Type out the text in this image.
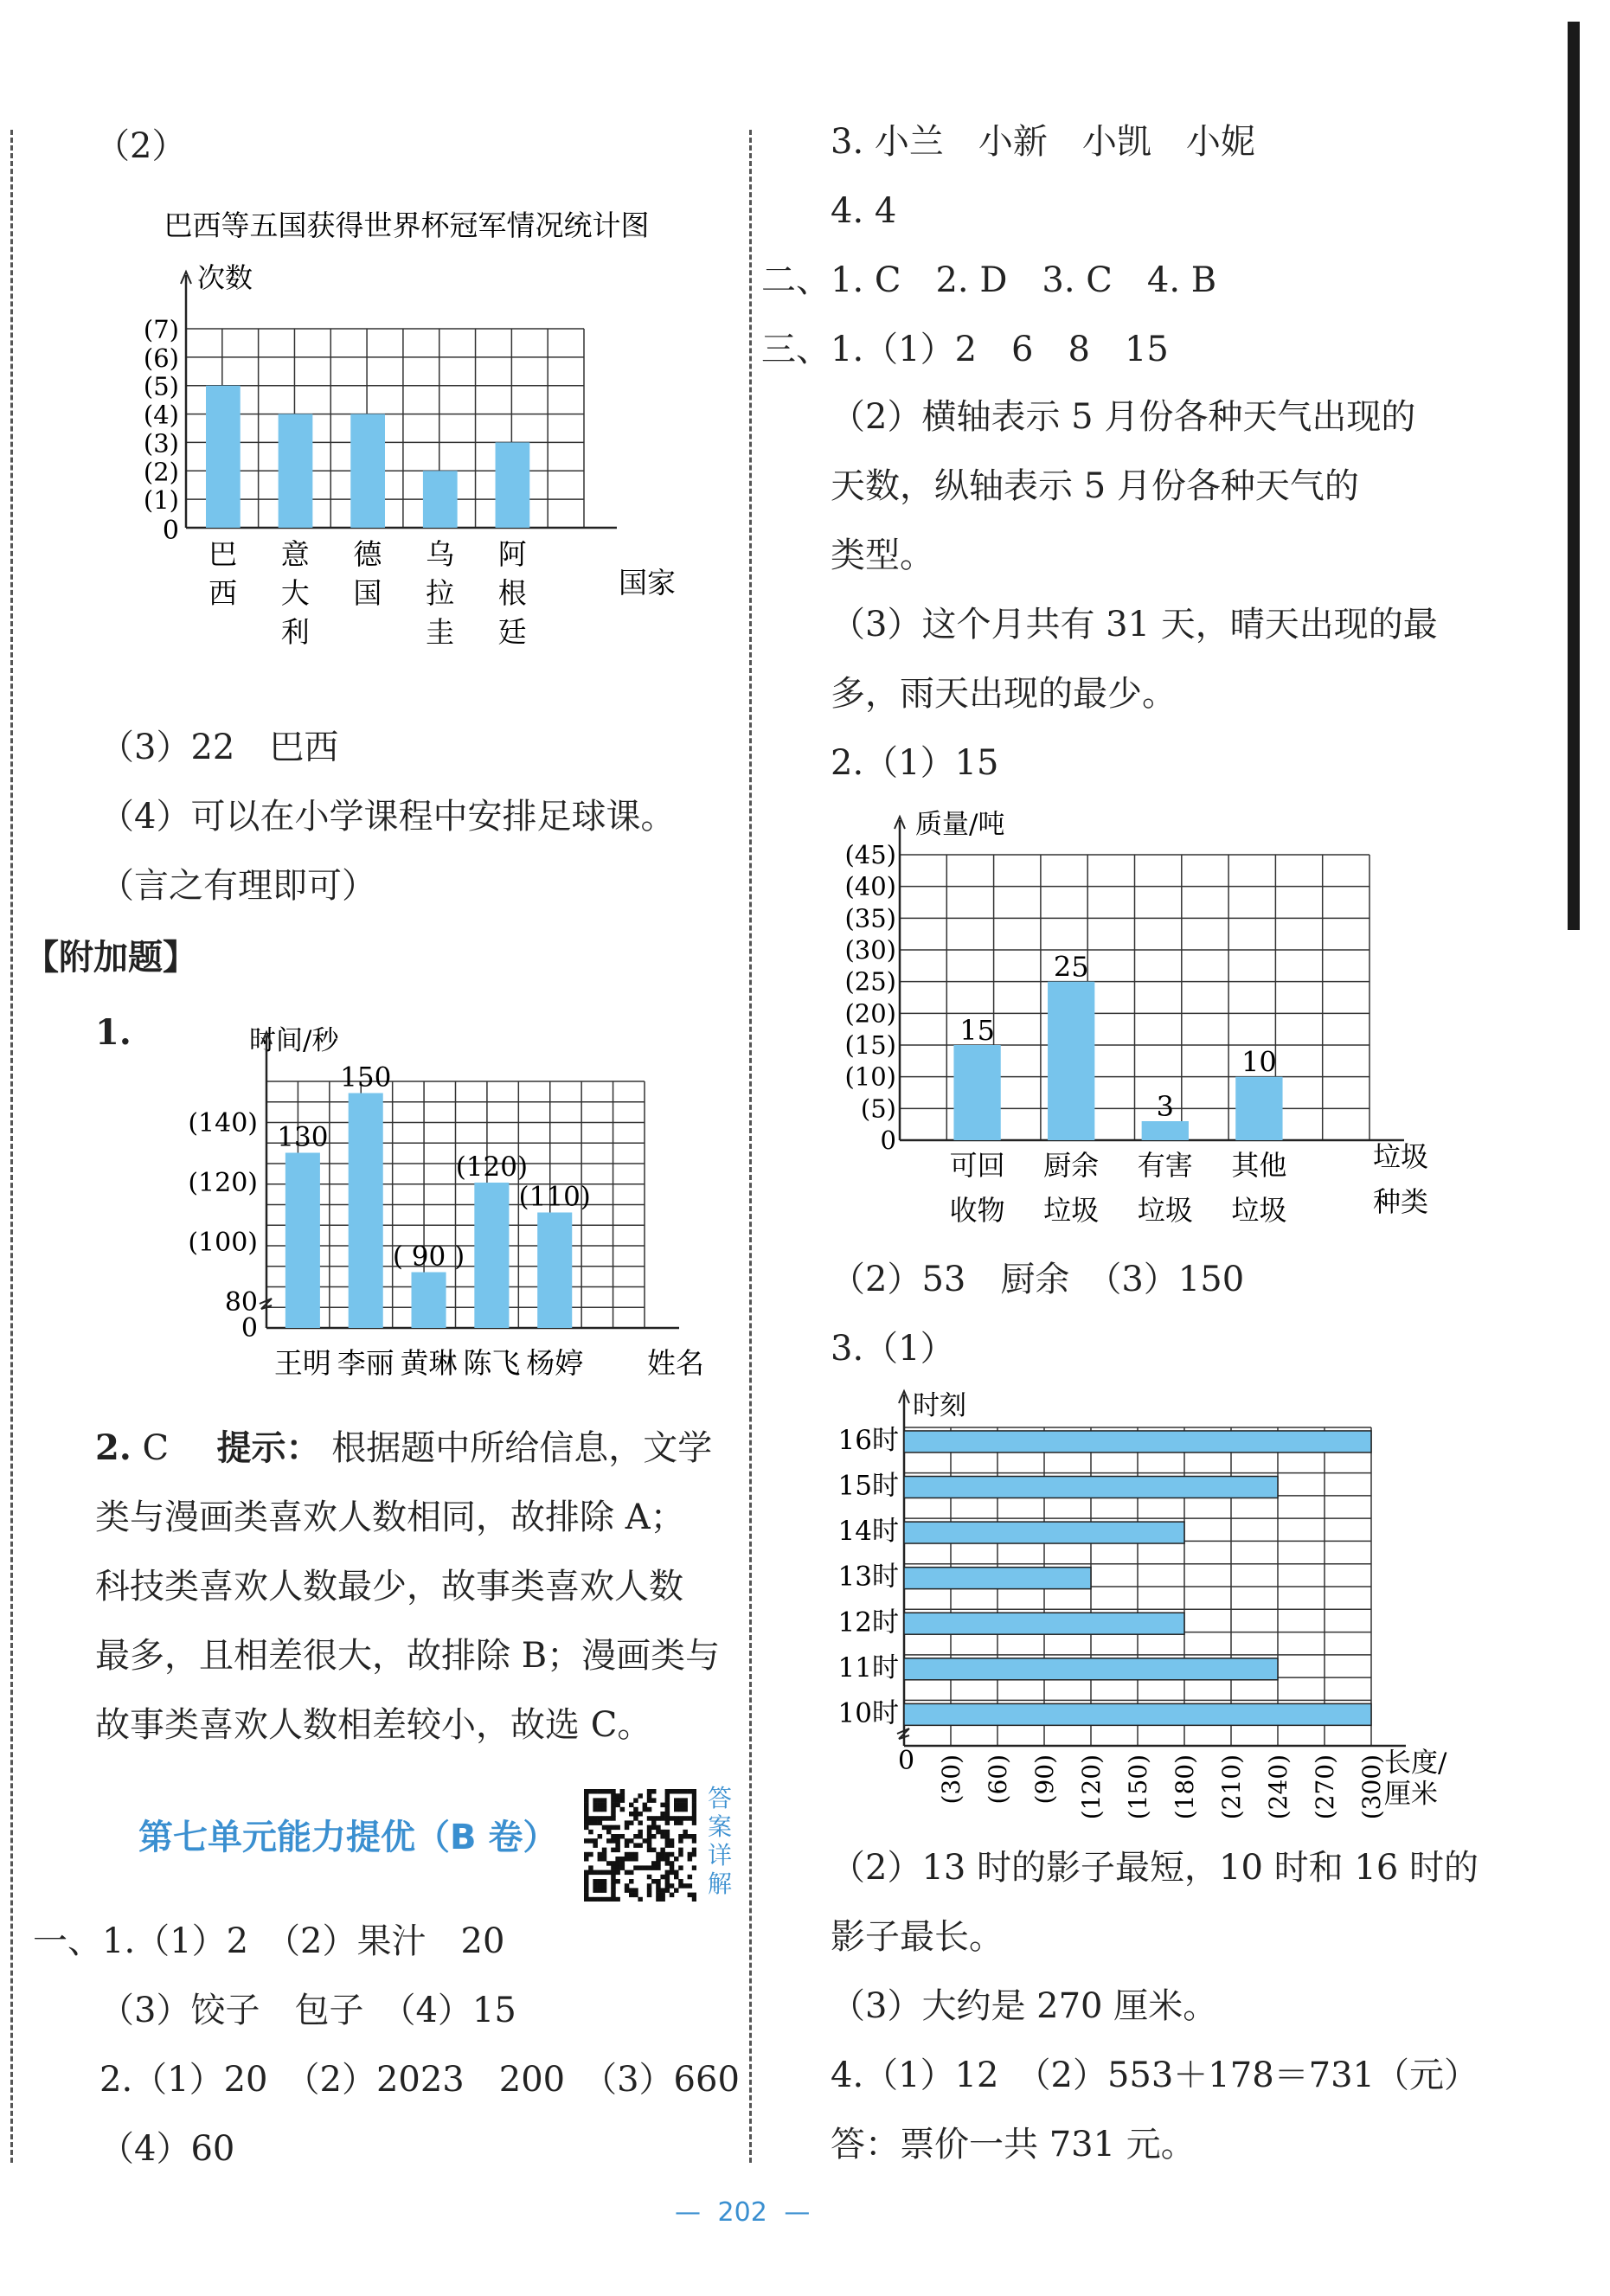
（2）
巴西等五国获得世界杯冠军情况统计图
次数
0
(1)
(2)
(3)
(4)
(5)
(6)
(7)
巴
西
意
大
利
德
国
乌
拉
圭
阿
根
廷
国家
（3）22　巴西
（4）可以在小学课程中安排足球课。
（言之有理即可）
【附加题】
1.	时间/秒
0
80
(100)
(120)
(140)
王明 李丽 黄琳 陈飞 杨婷
130
150
( 90 )
(120)
(110)
姓名
2. C 提示： 根据题中所给信息，文学
类与漫画类喜欢人数相同，故排除 A；
科技类喜欢人数最少，故事类喜欢人数
最多，且相差很大，故排除 B；漫画类与
故事类喜欢人数相差较小，故选 C。
第七单元能力提优（B 卷）
答案详解
一、1.（1）2　（2）果汁　20
（3）饺子　包子　（4）15
2.（1）20　（2）2023　200　（3）660
（4）60
3. 小兰　小新　小凯　小妮
4. 4
二、1. C　2. D　3. C　4. B
三、1.（1）2　6　8　15
（2）横轴表示 5 月份各种天气出现的
天数，纵轴表示 5 月份各种天气的
类型。
（3）这个月共有 31 天，晴天出现的最
多，雨天出现的最少。
2.（1）15
质量/吨
0
(5)
(10)
(15)
(20)
(25)
(30)
(35)
(40)
(45)
可回
收物
厨余
垃圾
有害
垃圾
其他
垃圾
15
25
3
10
垃圾
种类
（2）53　厨余　（3）150
3.（1）
时刻
16时
15时
14时
13时
12时
11时
10时
(30) (60) (90) (120) (150) (180) (210) (240) (270) (300)
0	长度/
厘米
（2）13 时的影子最短，10 时和 16 时的
影子最长。
（3）大约是 270 厘米。
4.（1）12　（2）553＋178＝731（元）
答：票价一共 731 元。
— 202 —
